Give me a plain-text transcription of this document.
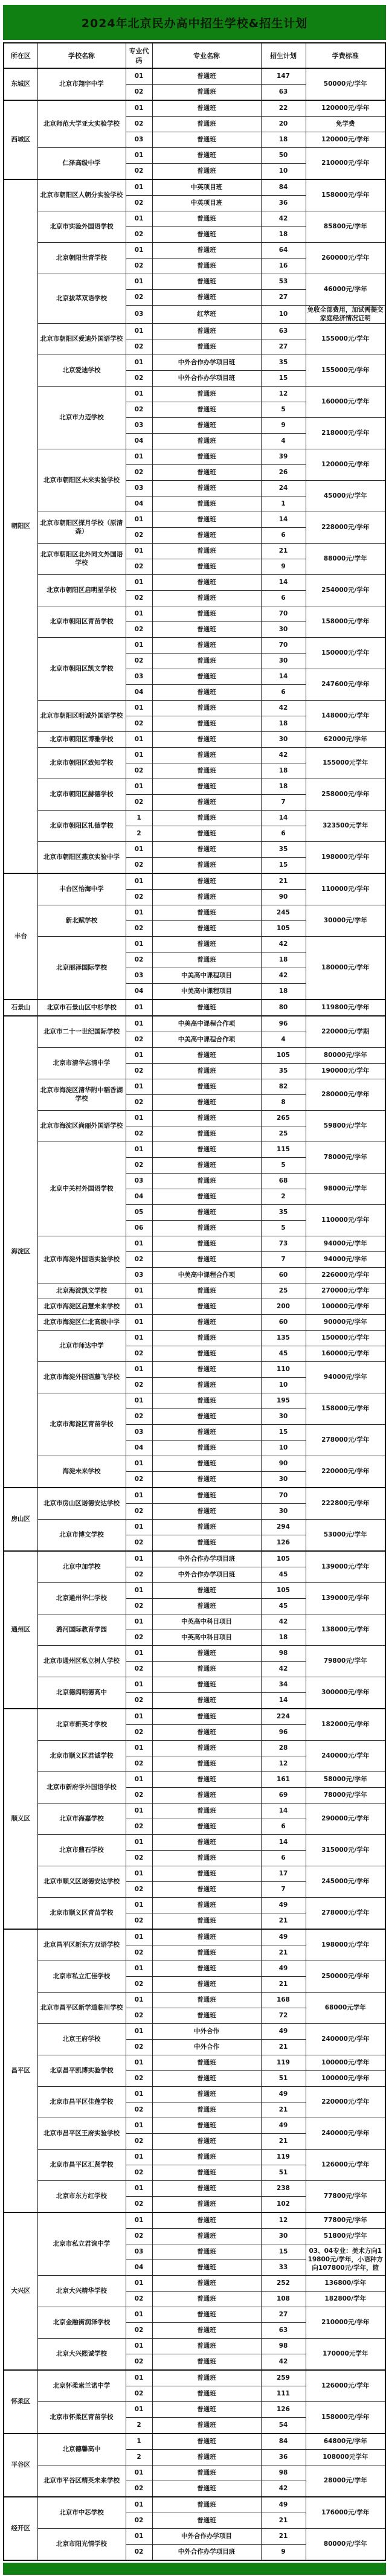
2024年北京民办高中招生学校&招生计划
所在区	学校名称	专业代码	专业名称	招生计划	学费标准
东城区	北京市翔宇中学	01	普通班	147	50000元/学年
		02	普通班	63	
西城区	北京师范大学亚太实验学校	01	普通班	22	120000元/学年
		02	普通班	20	免学费
		03	普通班	18	120000元/学年
	仁泽高级中学	01	普通班	50	210000元/学年
		02	普通班	10	
朝阳区	北京市朝阳区人朝分实验学校	01	中英项目班	84	158000元/学年
		02	中英项目班	36	
	北京市实验外国语学校	01	普通班	42	85800元/学年
		02	普通班	18	
	北京朝阳世青学校	01	普通班	64	260000元/学年
		02	普通班	16	
	北京拔萃双语学校	01	普通班	53	46000元/学年
		02	普通班	27	
		03	红萃班	10	免收全部费用，加试需提交家庭经济情况证明
	北京市朝阳区爱迪外国语学校	01	普通班	63	155000元/学年
		02	普通班	27	
	北京爱迪学校	01	中外合作办学项目班	35	155000元/学年
		02	中外合作办学项目班	15	
	北京市力迈学校	01	普通班	12	160000元/学年
		02	普通班	5	
		03	普通班	9	218000元/学年
		04	普通班	4	
	北京市朝阳区未来实验学校	01	普通班	39	120000元/学年
		02	普通班	26	
		03	普通班	24	45000元/学年
		04	普通班	1	
	北京市朝阳区探月学校（原清森）	01	普通班	14	228000元/学年
		02	普通班	6	
	北京市朝阳区北外同文外国语学校	01	普通班	21	88000元/学年
		02	普通班	9	
	北京市朝阳区启明星学校	01	普通班	14	254000元/学年
		02	普通班	6	
	北京市朝阳区青苗学校	01	普通班	70	158000元/学年
		02	普通班	30	
	北京市朝阳区凯文学校	01	普通班	70	150000元/学年
		02	普通班	30	
		03	普通班	14	247600元/学年
		04	普通班	6	
	北京市朝阳区明诚外国语学校	01	普通班	42	148000元/学年
		02	普通班	18	
	北京市朝阳区博雅学校	01	普通班	30	62000元/学年
	北京市朝阳区致知学校	01	普通班	42	155000元学年
		02	普通班	18	
	北京市朝阳区赫德学校	01	普通班	18	258000元/学年
		02	普通班	7	
	北京市朝阳区礼德学校	1	普通班	14	323500元学年
		2	普通班	6	
	北京市朝阳区燕京实验中学	01	普通班	35	198000元/学年
		02	普通班	15	
丰台	丰台区怡海中学	01	普通班	21	110000元/学年
		02	普通班	90	
	新北赋学校	01	普通班	245	30000元/学年
		02	普通班	105	
	北京丽泽国际学校	01	普通班	42	180000元/学年
		02	普通班	18	
		03	中美高中课程项目	42	
		04	中美高中课程项目	18	
石景山	北京市石景山区中杉学校	01	普通班	80	119800元/学年
海淀区	北京市二十一世纪国际学校	01	中美高中课程合作项	96	220000元/学期
		02	中美高中课程合作项	4	
	北京市清华志清中学	01	普通班	105	80000元/学年
		02	普通班	35	190000元/学年
	北京市海淀区清华附中稻香湖学校	01	普通班	82	280000元/学年
		02	普通班	8	
	北京市海淀区尚丽外国语学校	01	普通班	265	59800元/学年
		02	普通班	25	
	北京中关村外国语学校	01	普通班	115	78000元/学年
		02	普通班	5	
		03	普通班	68	98000元/学年
		04	普通班	2	
		05	普通班	35	110000元/学年
		06	普通班	5	
	北京市海淀外国语实验学校	01	普通班	73	94000元/学年
		02	普通班	7	94000元/学年
		03	中美高中课程合作项	60	226000元/学年
	北京海淀凯文学校	01	普通班	25	270000元/学年
	北京市海淀区启慧未来学校	01	普通班	200	100000元/学年
	北京市海淀区仁北高级中学	01	普通班	60	90000元/学年
	北京市师达中学	01	普通班	135	150000元/学年
		02	普通班	45	160000元/学年
	北京市海淀外国语藤飞学校	01	普通班	110	94000元/学年
		02	普通班	10	
	北京市海淀区青苗学校	01	普通班	195	158000元/学年
		02	普通班	30	
		03	普通班	15	278000元/学年
		04	普通班	10	
	海淀未来学校	01	普通班	90	220000元/学年
		02	普通班	30	
房山区	北京市房山区诺德安达学校	01	普通班	70	222800元/学年
		02	普通班	30	
	北京市博文学校	01	普通班	294	53000元/学年
		02	普通班	126	
通州区	北京中加学校	01	中外合作办学项目班	105	139000元/学年
		02	中外合作办学项目班	45	
	北京通州华仁学校	01	普通班	105	139000元/学年
		02	普通班	45	
	潞河国际教育学园	01	中英高中科目项目	42	138000元/学年
		02	中英高中科目项目	18	
	北京市通州区私立树人学校	01	普通班	98	79800元/学年
		02	普通班	42	
	北京德闳明德高中	01	普通班	34	300000元/学年
		02	普通班	14	
顺义区	北京市新英才学校	01	普通班	224	182000元/学年
		02	普通班	96	
	北京市顺义区君诚学校	01	普通班	28	240000元/学年
		02	普通班	12	
	北京市新府学外国语学校	01	普通班	161	58000元/学年
		02	普通班	69	78000元/学年
	北京市海嘉学校	01	普通班	14	290000元/学年
		02	普通班	6	
	北京市鼎石学校	01	普通班	14	315000元/学年
		02	普通班	6	
	北京市顺义区诺德安达学校	01	普通班	17	245000元/学年
		02	普通班	7	
	北京市顺义区青苗学校	01	普通班	49	278000元/学年
		02	普通班	21	
昌平区	北京昌平区新东方双语学校	01	普通班	49	198000元/学年
		02	普通班	21	
	北京市私立汇佳学校	01	普通班	49	250000元/学年
		02	普通班	21	
	北京市昌平区新学道临川学校	01	普通班	168	68000元学年
		02	普通班	72	
	北京王府学校	01	中外合作	49	240000元/学年
		02	中外合作	21	
	北京昌平凯博实验学校	01	普通班	119	100000元/学年
		02	普通班	51	100000元/学年
	北京市昌平区佳莲学校	01	普通班	49	220000元/学年
		02	普通班	21	
	北京市昌平区王府实验学校	01	普通班	49	240000元/学年
		02	普通班	21	
	北京市昌平区汇贤学校	01	普通班	119	126000元/学年
		02	普通班	51	
	北京市东方红学校	01	普通班	238	77800元/学年
		02	普通班	102	
大兴区	北京市私立君谊中学	01	普通班	12	77800元/学年
		02	普通班	30	51800元/学年
		03	普通班	15	03、04专业：美术方向119800元/学年，小语种方向107800元/学年，篮
		04	普通班	33	
	北京大兴精华学校	01	普通班	252	136800/学年
		02	普通班	108	182800/学年
	北京金融街润泽学校	01	普通班	27	210000元/学年
		02	普通班	63	
	北京大兴熙诚学校	01	普通班	98	170000元学年
		02	普通班	42	
怀柔区	北京怀柔索兰诺中学	01	普通班	259	126000元/学年
		02	普通班	111	
	北京市怀柔区青苗学校	01	普通班	126	158000元/学年
		2	普通班	54	
平谷区	北京德馨高中	1	普通班	84	64800元/学年
		2	普通班	36	108000元学年
	北京市平谷区精英未来学校	01	普通班	98	28000元/学年
		02	普通班	42	
经开区	北京市中芯学校	01	普通班	49	176000元/学年
		02	普通班	21	
	北京市阳光情学校	01	中外合作办学项目	21	80000元/学年
		02	中外合作办学项目班	9	
